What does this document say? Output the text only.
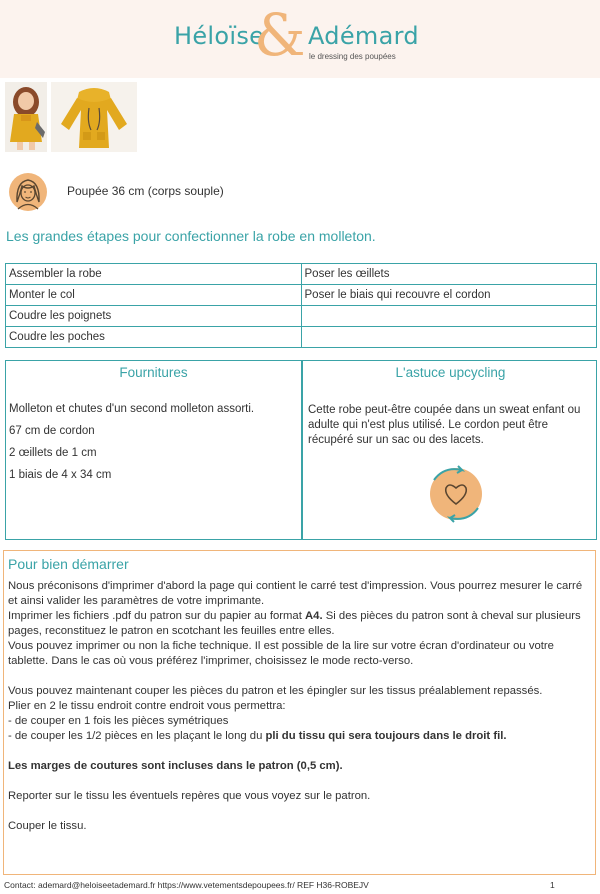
Héloïse
& Adémard
le dressing des poupées
Poupée 36 cm (corps souple)
Les grandes étapes pour confectionner la robe en molleton.
Assembler la robe	Poser les œillets
Monter le col	Poser le biais qui recouvre el cordon
Coudre les poignets	
Coudre les poches	
Fournitures
Molleton et chutes d'un second molleton assorti.
67 cm de cordon
2 œillets de 1 cm
1 biais de 4 x 34 cm
L'astuce upcycling
Cette robe peut-être coupée dans un sweat enfant ou adulte qui n'est plus utilisé. Le cordon peut être récupéré sur un sac ou des lacets.
Pour bien démarrer

Nous préconisons d'imprimer d'abord la page qui contient le carré test d'impression. Vous pourrez mesurer le carré et ainsi valider les paramètres de votre imprimante.

Imprimer les fichiers .pdf du patron sur du papier au format A4. Si des pièces du patron sont à cheval sur plusieurs pages, reconstituez le patron en scotchant les feuilles entre elles.

Vous pouvez imprimer ou non la fiche technique. Il est possible de la lire sur votre écran d'ordinateur ou votre tablette. Dans le cas où vous préférez l'imprimer, choisissez le mode recto-verso.

Vous pouvez maintenant couper les pièces du patron et les épingler sur les tissus préalablement repassés.

Plier en 2 le tissu endroit contre endroit vous permettra:

- de couper en 1 fois les pièces symétriques

- de couper les 1/2 pièces en les plaçant le long du pli du tissu qui sera toujours dans le droit fil.

Les marges de coutures sont incluses dans le patron (0,5 cm).

Reporter sur le tissu les éventuels repères que vous voyez sur le patron.

Couper le tissu.

Contact: ademard@heloiseetademard.fr https://www.vetementsdepoupees.fr/ REF H36-ROBEJV	1
